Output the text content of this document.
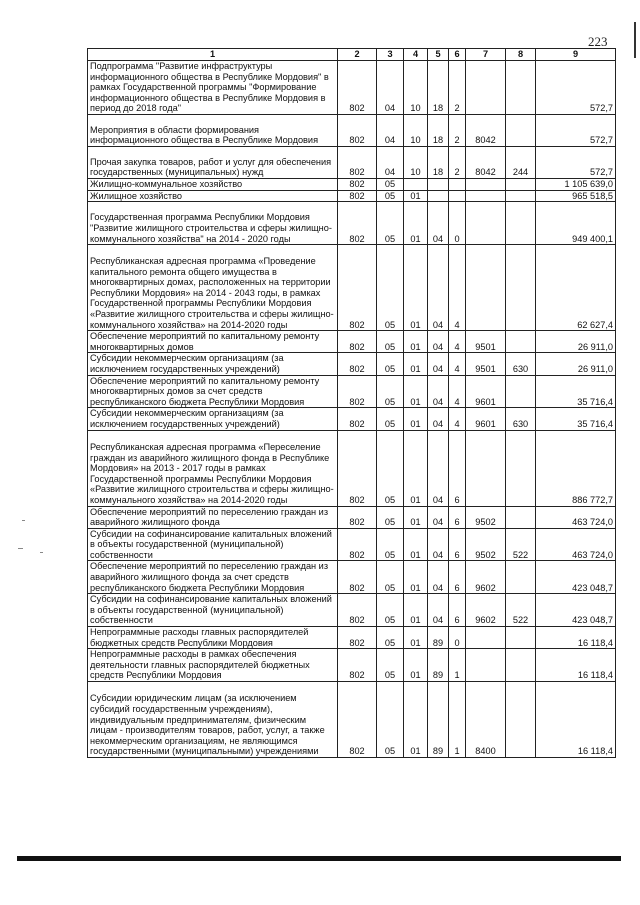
223
1	2	3	4	5	6	7	8	9
Подпрограмма "Развитие инфраструктуры информационного общества в Республике Мордовия" в рамках Государственной программы "Формирование информационного общества в Республике Мордовия в период до 2018 года"	802	04	10	18	2			572,7
Мероприятия в области формирования информационного общества в Республике Мордовия	802	04	10	18	2	8042		572,7
Прочая закупка товаров, работ и услуг для обеспечения государственных (муниципальных) нужд	802	04	10	18	2	8042	244	572,7
Жилищно-коммунальное хозяйство	802	05						1 105 639,0
Жилищное хозяйство	802	05	01					965 518,5
Государственная программа Республики Мордовия "Развитие жилищного строительства и сферы жилищно-коммунального хозяйства" на 2014 - 2020 годы	802	05	01	04	0			949 400,1
Республиканская адресная программа «Проведение капитального ремонта общего имущества в многоквартирных домах, расположенных на территории Республики Мордовия» на 2014 - 2043 годы, в рамках Государственной программы Республики Мордовия «Развитие жилищного строительства и сферы жилищно-коммунального хозяйства» на 2014-2020 годы	802	05	01	04	4			62 627,4
Обеспечение мероприятий по капитальному ремонту многоквартирных домов	802	05	01	04	4	9501		26 911,0
Субсидии некоммерческим организациям (за исключением государственных учреждений)	802	05	01	04	4	9501	630	26 911,0
Обеспечение мероприятий по капитальному ремонту многоквартирных домов за счет средств республиканского бюджета Республики Мордовия	802	05	01	04	4	9601		35 716,4
Субсидии некоммерческим организациям (за исключением государственных учреждений)	802	05	01	04	4	9601	630	35 716,4
Республиканская адресная программа «Переселение граждан из аварийного жилищного фонда в Республике Мордовия» на 2013 - 2017 годы в рамках Государственной программы Республики Мордовия «Развитие жилищного строительства и сферы жилищно-коммунального хозяйства» на 2014-2020 годы	802	05	01	04	6			886 772,7
Обеспечение мероприятий по переселению граждан из аварийного жилищного фонда	802	05	01	04	6	9502		463 724,0
Субсидии на софинансирование капитальных вложений в объекты государственной (муниципальной) собственности	802	05	01	04	6	9502	522	463 724,0
Обеспечение мероприятий по переселению граждан из аварийного жилищного фонда за счет средств республиканского бюджета Республики Мордовия	802	05	01	04	6	9602		423 048,7
Субсидии на софинансирование капитальных вложений в объекты государственной (муниципальной) собственности	802	05	01	04	6	9602	522	423 048,7
Непрограммные расходы главных распорядителей бюджетных средств Республики Мордовия	802	05	01	89	0			16 118,4
Непрограммные расходы в рамках обеспечения деятельности главных распорядителей бюджетных средств Республики Мордовия	802	05	01	89	1			16 118,4
Субсидии юридическим лицам (за исключением субсидий государственным учреждениям), индивидуальным предпринимателям, физическим лицам - производителям товаров, работ, услуг, а также некоммерческим организациям, не являющимся государственными (муниципальными) учреждениями	802	05	01	89	1	8400		16 118,4
